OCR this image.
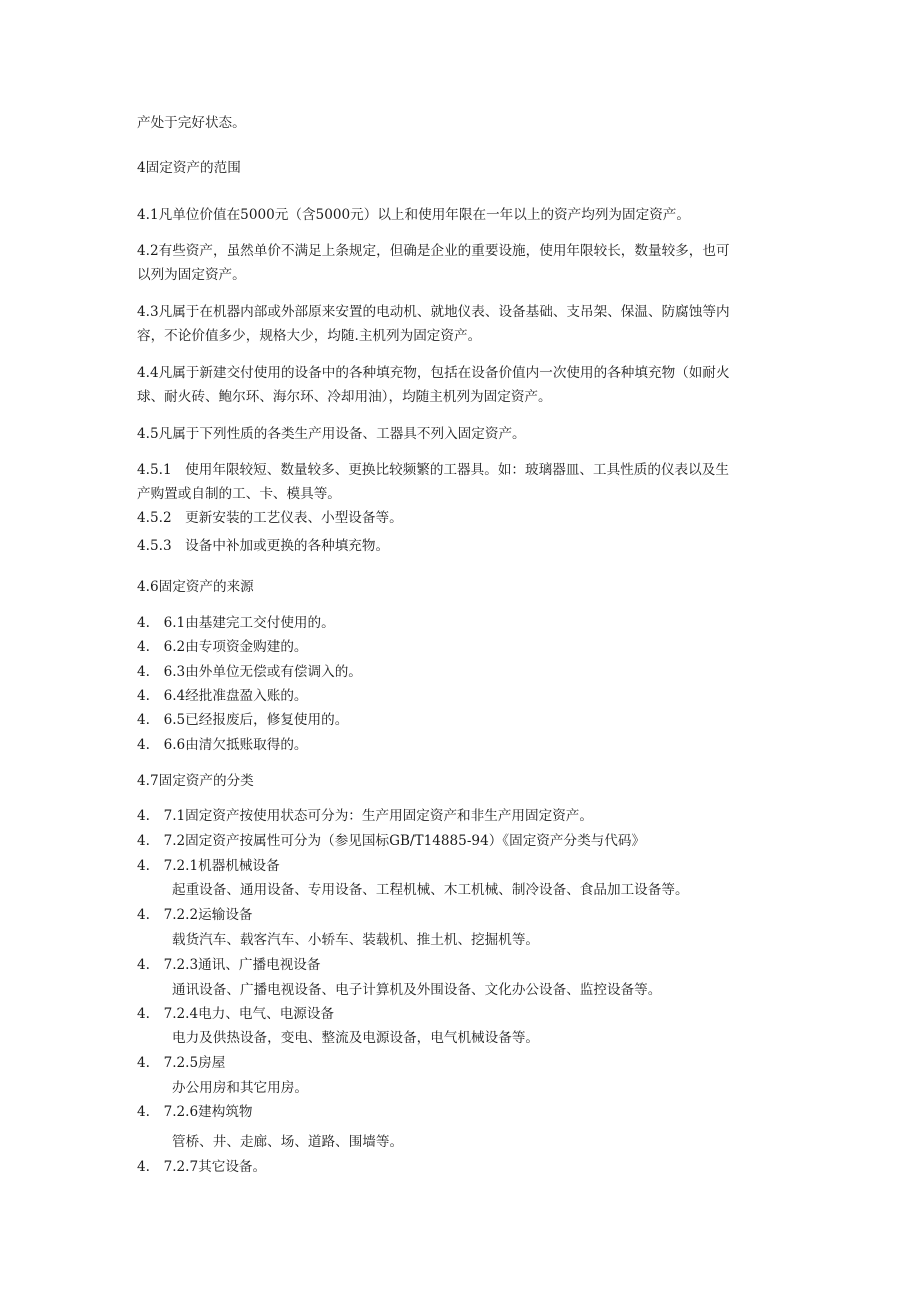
产处于完好状态。
4固定资产的范围
4.1凡单位价值在5000元（含5000元）以上和使用年限在一年以上的资产均列为固定资产。
4.2有些资产，虽然单价不满足上条规定，但确是企业的重要设施，使用年限较长，数量较多，也可
以列为固定资产。
4.3凡属于在机器内部或外部原来安置的电动机、就地仪表、设备基础、支吊架、保温、防腐蚀等内
容，不论价值多少，规格大少，均随.主机列为固定资产。
4.4凡属于新建交付使用的设备中的各种填充物，包括在设备价值内一次使用的各种填充物（如耐火
球、耐火砖、鲍尔环、海尔环、冷却用油），均随主机列为固定资产。
4.5凡属于下列性质的各类生产用设备、工器具不列入固定资产。
4.5.1　使用年限较短、数量较多、更换比较频繁的工器具。如：玻璃器皿、工具性质的仪表以及生
产购置或自制的工、卡、模具等。
4.5.2　更新安装的工艺仪表、小型设备等。
4.5.3　设备中补加或更换的各种填充物。
4.6固定资产的来源
4.　6.1由基建完工交付使用的。
4.　6.2由专项资金购建的。
4.　6.3由外单位无偿或有偿调入的。
4.　6.4经批准盘盈入账的。
4.　6.5已经报废后，修复使用的。
4.　6.6由清欠抵账取得的。
4.7固定资产的分类
4.　7.1固定资产按使用状态可分为：生产用固定资产和非生产用固定资产。
4.　7.2固定资产按属性可分为（参见国标GB/T14885-94）《固定资产分类与代码》
4.　7.2.1机器机械设备
起重设备、通用设备、专用设备、工程机械、木工机械、制冷设备、食品加工设备等。
4.　7.2.2运输设备
载货汽车、载客汽车、小轿车、装载机、推土机、挖掘机等。
4.　7.2.3通讯、广播电视设备
通讯设备、广播电视设备、电子计算机及外围设备、文化办公设备、监控设备等。
4.　7.2.4电力、电气、电源设备
电力及供热设备，变电、整流及电源设备，电气机械设备等。
4.　7.2.5房屋
办公用房和其它用房。
4.　7.2.6建构筑物
管桥、井、走廊、场、道路、围墙等。
4.　7.2.7其它设备。
